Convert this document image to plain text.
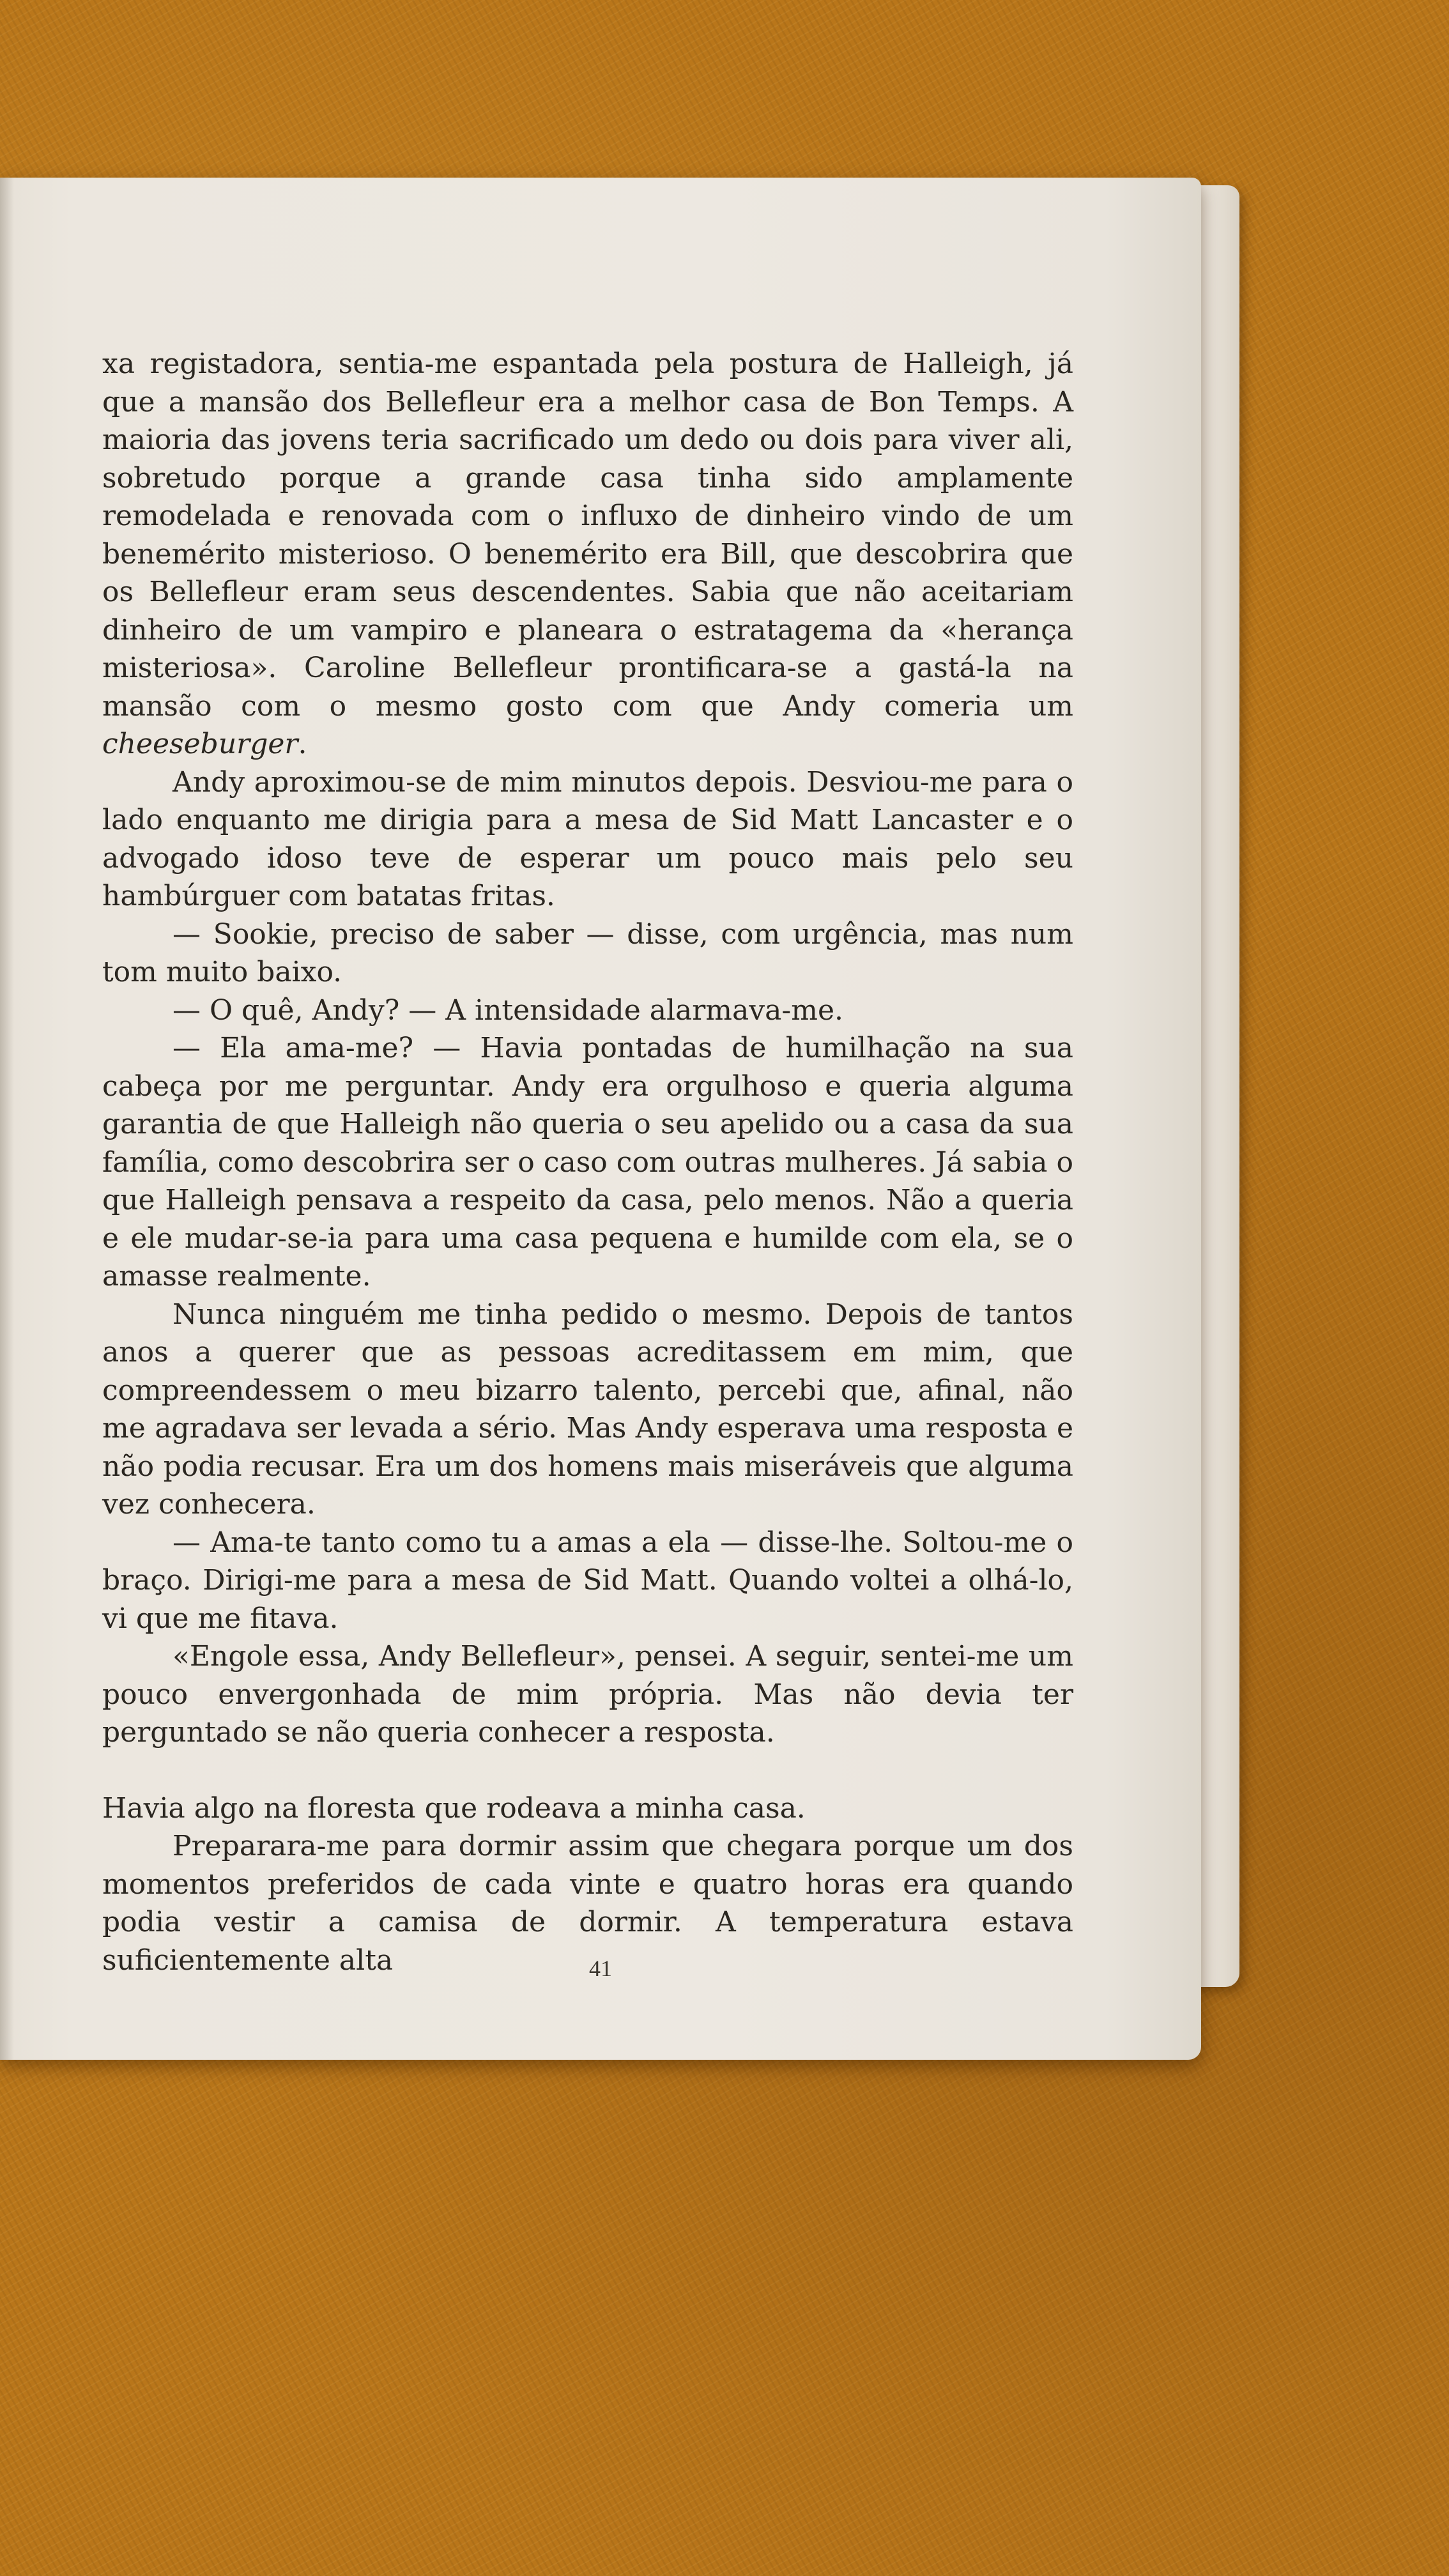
xa registadora, sentia-me espantada pela postura de Halleigh, já que a mansão dos Bellefleur era a melhor casa de Bon Temps. A maioria das jovens teria sacrificado um dedo ou dois para viver ali, sobretudo porque a grande casa tinha sido amplamente remodelada e renovada com o influxo de dinheiro vindo de um benemérito misterioso. O benemérito era Bill, que descobrira que os Bellefleur eram seus descendentes. Sabia que não aceitariam dinheiro de um vampiro e planeara o estratagema da «herança misteriosa». Caroline Bellefleur prontificara-se a gastá-la na mansão com o mesmo gosto com que Andy comeria um cheeseburger.

Andy aproximou-se de mim minutos depois. Desviou-me para o lado enquanto me dirigia para a mesa de Sid Matt Lancaster e o advogado idoso teve de esperar um pouco mais pelo seu hambúrguer com batatas fritas.

— Sookie, preciso de saber — disse, com urgência, mas num tom muito baixo.

— O quê, Andy? — A intensidade alarmava-me.

— Ela ama-me? — Havia pontadas de humilhação na sua cabeça por me perguntar. Andy era orgulhoso e queria alguma garantia de que Halleigh não queria o seu apelido ou a casa da sua família, como descobrira ser o caso com outras mulheres. Já sabia o que Halleigh pensava a respeito da casa, pelo menos. Não a queria e ele mudar-se-ia para uma casa pequena e humilde com ela, se o amasse realmente.

Nunca ninguém me tinha pedido o mesmo. Depois de tantos anos a querer que as pessoas acreditassem em mim, que compreendessem o meu bizarro talento, percebi que, afinal, não me agradava ser levada a sério. Mas Andy esperava uma resposta e não podia recusar. Era um dos homens mais miseráveis que alguma vez conhecera.

— Ama-te tanto como tu a amas a ela — disse-lhe. Soltou-me o braço. Dirigi-me para a mesa de Sid Matt. Quando voltei a olhá-lo, vi que me fitava.

«Engole essa, Andy Bellefleur», pensei. A seguir, sentei-me um pouco envergonhada de mim própria. Mas não devia ter perguntado se não queria conhecer a resposta.

Havia algo na floresta que rodeava a minha casa.

Preparara-me para dormir assim que chegara porque um dos momentos preferidos de cada vinte e quatro horas era quando podia vestir a camisa de dormir. A temperatura estava suficientemente alta	41
